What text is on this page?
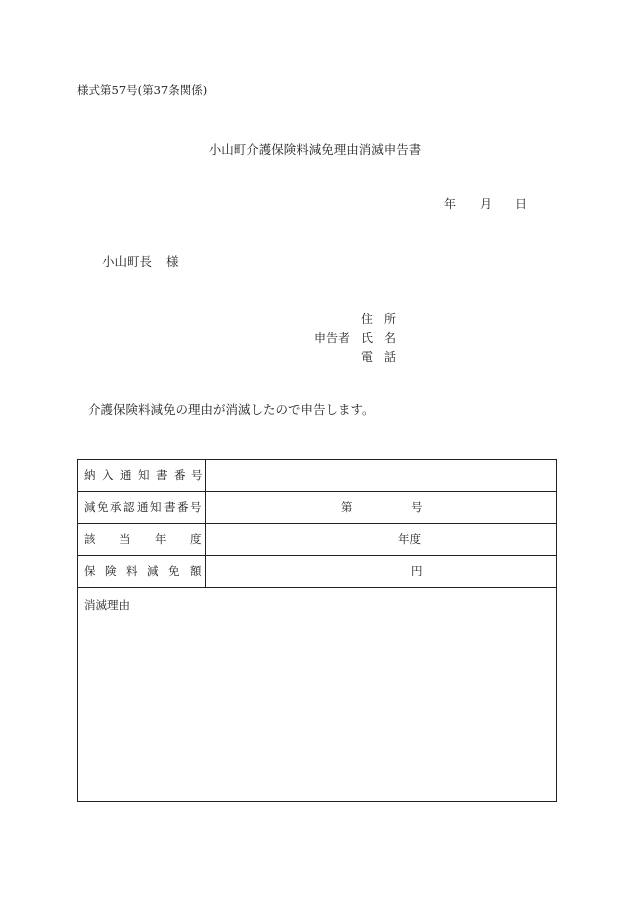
様式第57号(第37条関係)
小山町介護保険料減免理由消滅申告書
年 月 日
小山町長 様
住 所
申告者 氏 名
電 話
介護保険料減免の理由が消滅したので申告します。
納 入 通 知 書 番 号
減 免 承 認 通 知 書 番 号	第	号
該 当 年 度	年度
保 険 料 減 免 額	円
消滅理由
